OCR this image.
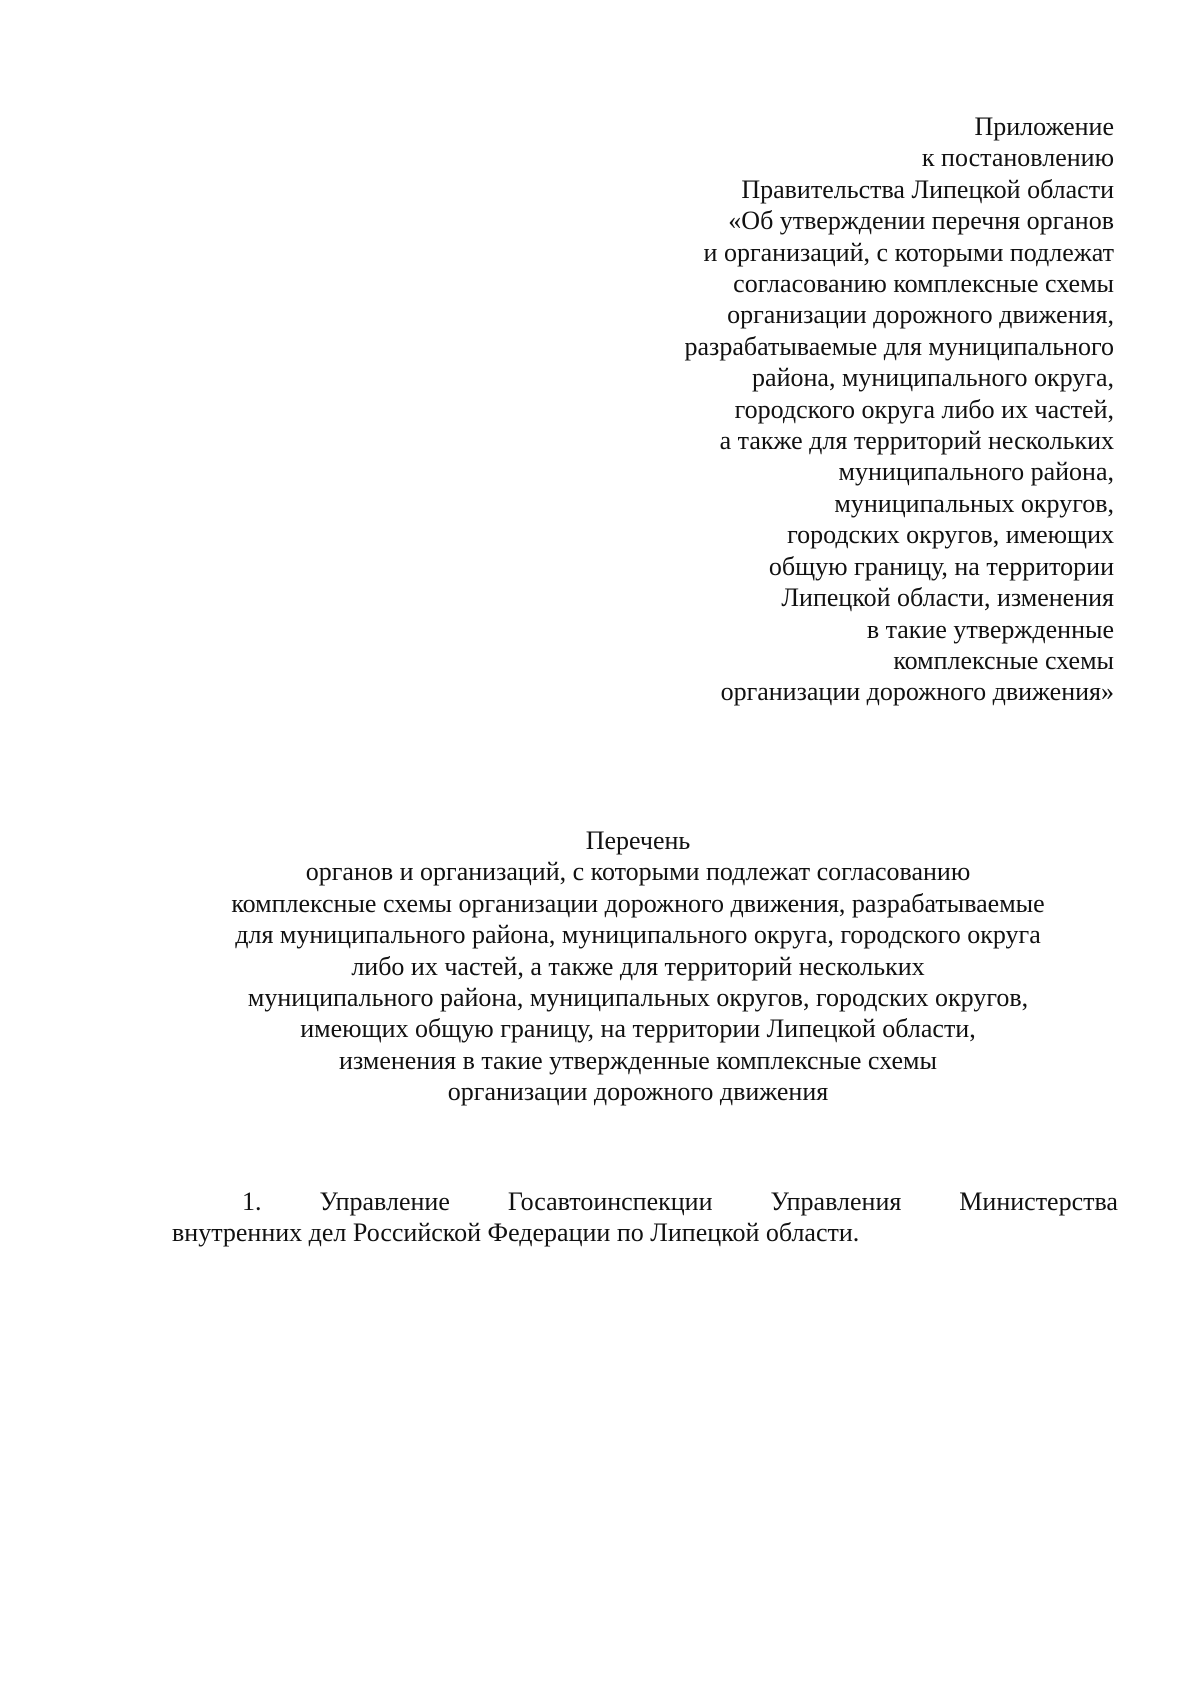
Приложение
к постановлению
Правительства Липецкой области
«Об утверждении перечня органов
и организаций, с которыми подлежат
согласованию комплексные схемы
организации дорожного движения,
разрабатываемые для муниципального
района, муниципального округа,
городского округа либо их частей,
а также для территорий нескольких
муниципального района,
муниципальных округов,
городских округов, имеющих
общую границу, на территории
Липецкой области, изменения
в такие утвержденные
комплексные схемы
организации дорожного движения»
Перечень
органов и организаций, с которыми подлежат согласованию
комплексные схемы организации дорожного движения, разрабатываемые
для муниципального района, муниципального округа, городского округа
либо их частей, а также для территорий нескольких
муниципального района, муниципальных округов, городских округов,
имеющих общую границу, на территории Липецкой области,
изменения в такие утвержденные комплексные схемы
организации дорожного движения
1. Управление Госавтоинспекции Управления Министерства
внутренних дел Российской Федерации по Липецкой области.
